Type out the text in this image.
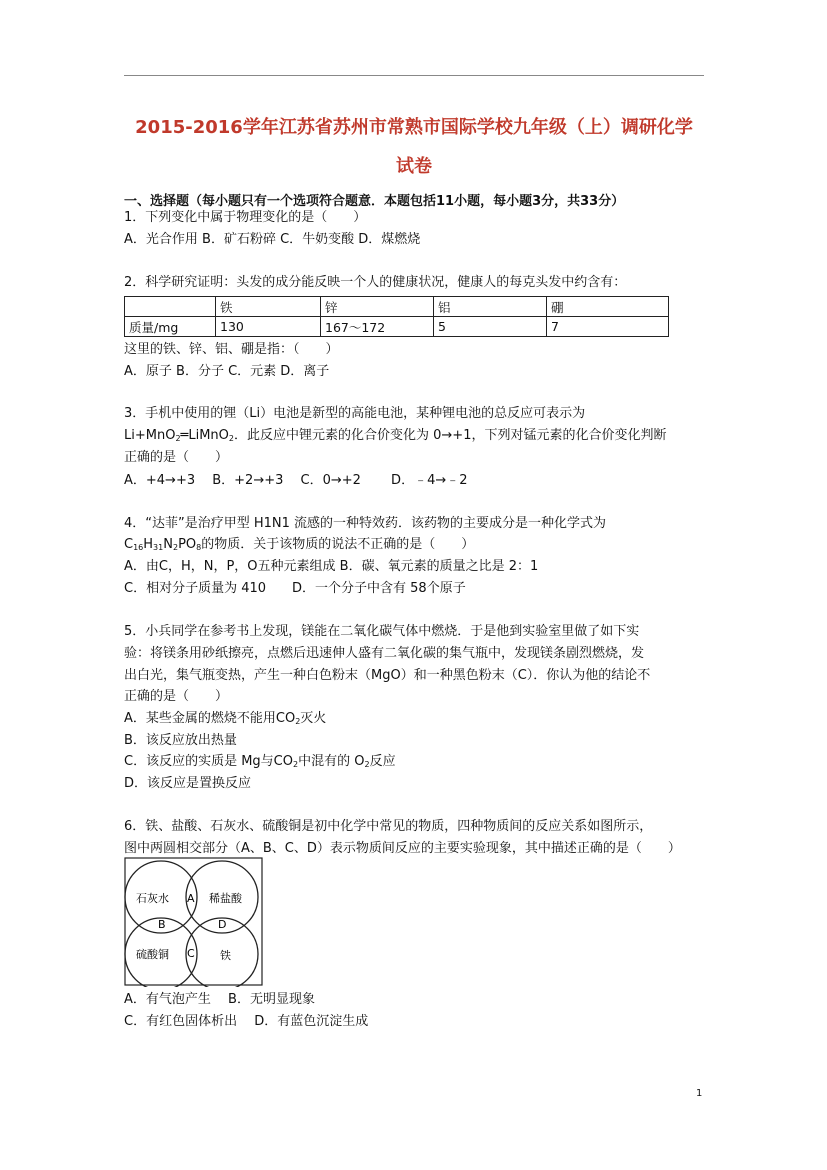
2015-2016学年江苏省苏州市常熟市国际学校九年级（上）调研化学
试卷
一、选择题（每小题只有一个选项符合题意．本题包括11小题，每小题3分，共33分）
1．下列变化中属于物理变化的是（　　）
A．光合作用 B．矿石粉碎 C．牛奶变酸 D．煤燃烧
2．科学研究证明：头发的成分能反映一个人的健康状况，健康人的每克头发中约含有：
	铁	锌	铝	硼
质量/mg	130	167～172	5	7
这里的铁、锌、铝、硼是指：（　　）
A．原子 B．分子 C．元素 D．离子
3．手机中使用的锂（Li）电池是新型的高能电池，某种锂电池的总反应可表示为
Li+MnO$_2$═LiMnO$_2$．此反应中锂元素的化合价变化为 0→+1，下列对锰元素的化合价变化判断
正确的是（　　）
A．+4→+3　 B．+2→+3　 C．0→+2　　 D．﹣4→﹣2
4．“达菲”是治疗甲型 H1N1 流感的一种特效药．该药物的主要成分是一种化学式为
$C_{16}H_{31}N_2PO_8$的物质．关于该物质的说法不正确的是（　　）
A．由C，H，N，P，O五种元素组成 B．碳、氧元素的质量之比是 2：1
C．相对分子质量为 410　　D．一个分子中含有 58个原子
5．小兵同学在参考书上发现，镁能在二氧化碳气体中燃烧．于是他到实验室里做了如下实
验：将镁条用砂纸擦亮，点燃后迅速伸人盛有二氧化碳的集气瓶中，发现镁条剧烈燃烧，发
出白光，集气瓶变热，产生一种白色粉末（MgO）和一种黑色粉末（C）．你认为他的结论不
正确的是（　　）
A．某些金属的燃烧不能用$CO_2$灭火
B．该反应放出热量
C．该反应的实质是 Mg与$CO_2$中混有的 $O_2$反应
D．该反应是置换反应
6．铁、盐酸、石灰水、硫酸铜是初中化学中常见的物质，四种物质间的反应关系如图所示，
图中两圆相交部分（A、B、C、D）表示物质间反应的主要实验现象，其中描述正确的是（　　）
石灰水	稀盐酸
硫酸铜	铁
A
B
C
D
A．有气泡产生　 B．无明显现象
C．有红色固体析出　 D．有蓝色沉淀生成
1
